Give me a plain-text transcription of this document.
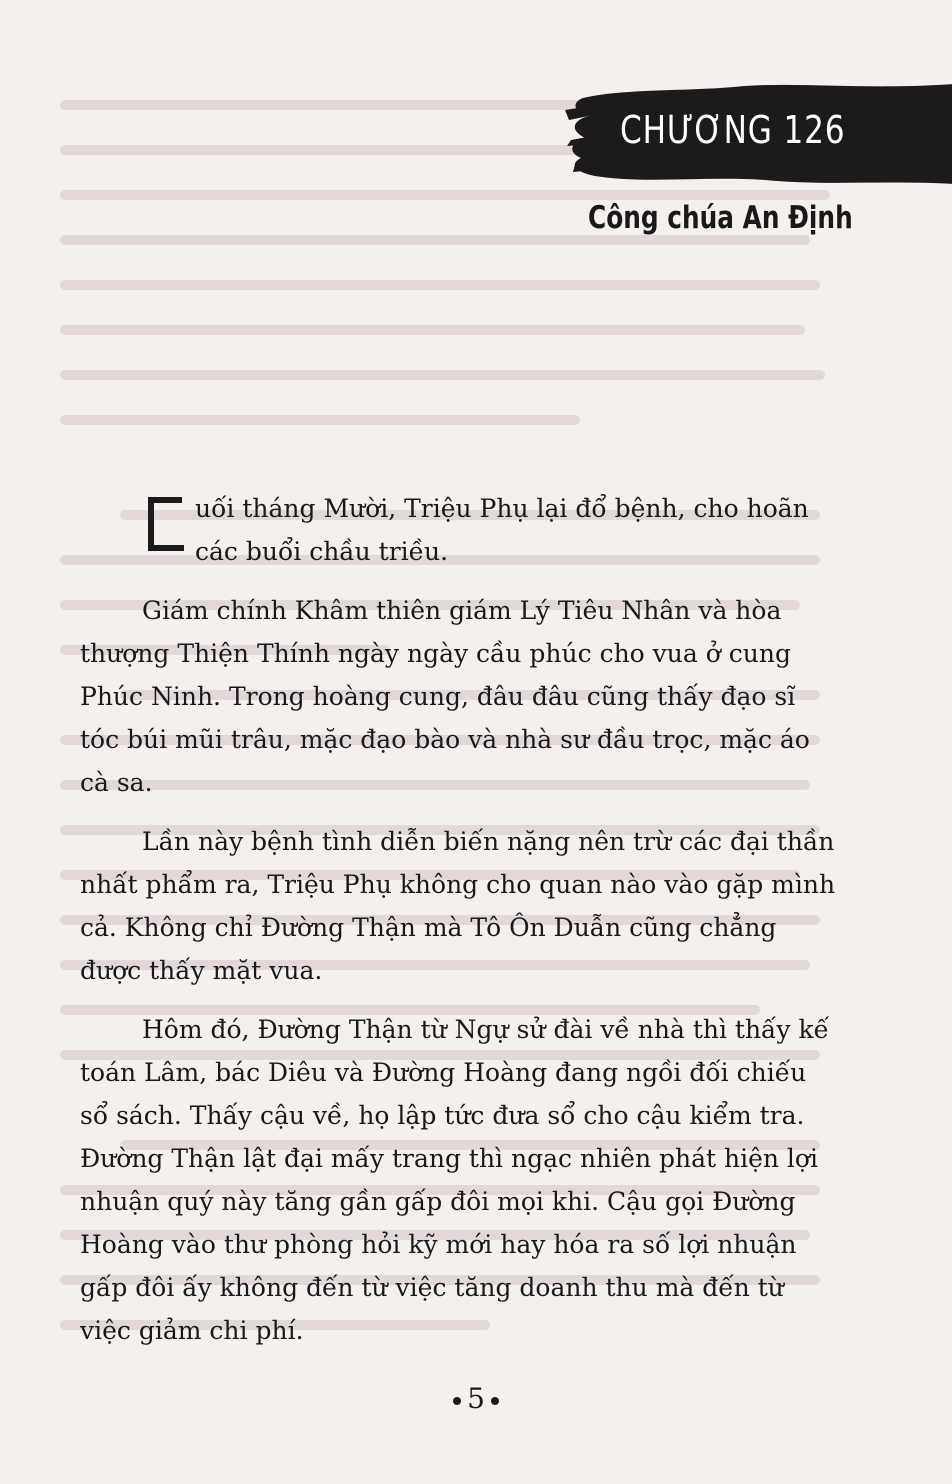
CHƯƠNG 126
Công chúa An Định
uối tháng Mười, Triệu Phụ lại đổ bệnh, cho hoãn
các buổi chầu triều.
Giám chính Khâm thiên giám Lý Tiêu Nhân và hòa
thượng Thiện Thính ngày ngày cầu phúc cho vua ở cung
Phúc Ninh. Trong hoàng cung, đâu đâu cũng thấy đạo sĩ
tóc búi mũi trâu, mặc đạo bào và nhà sư đầu trọc, mặc áo
cà sa.
Lần này bệnh tình diễn biến nặng nên trừ các đại thần
nhất phẩm ra, Triệu Phụ không cho quan nào vào gặp mình
cả. Không chỉ Đường Thận mà Tô Ôn Duẫn cũng chẳng
được thấy mặt vua.
Hôm đó, Đường Thận từ Ngự sử đài về nhà thì thấy kế
toán Lâm, bác Diêu và Đường Hoàng đang ngồi đối chiếu
sổ sách. Thấy cậu về, họ lập tức đưa sổ cho cậu kiểm tra.
Đường Thận lật đại mấy trang thì ngạc nhiên phát hiện lợi
nhuận quý này tăng gần gấp đôi mọi khi. Cậu gọi Đường
Hoàng vào thư phòng hỏi kỹ mới hay hóa ra số lợi nhuận
gấp đôi ấy không đến từ việc tăng doanh thu mà đến từ
việc giảm chi phí.
5
